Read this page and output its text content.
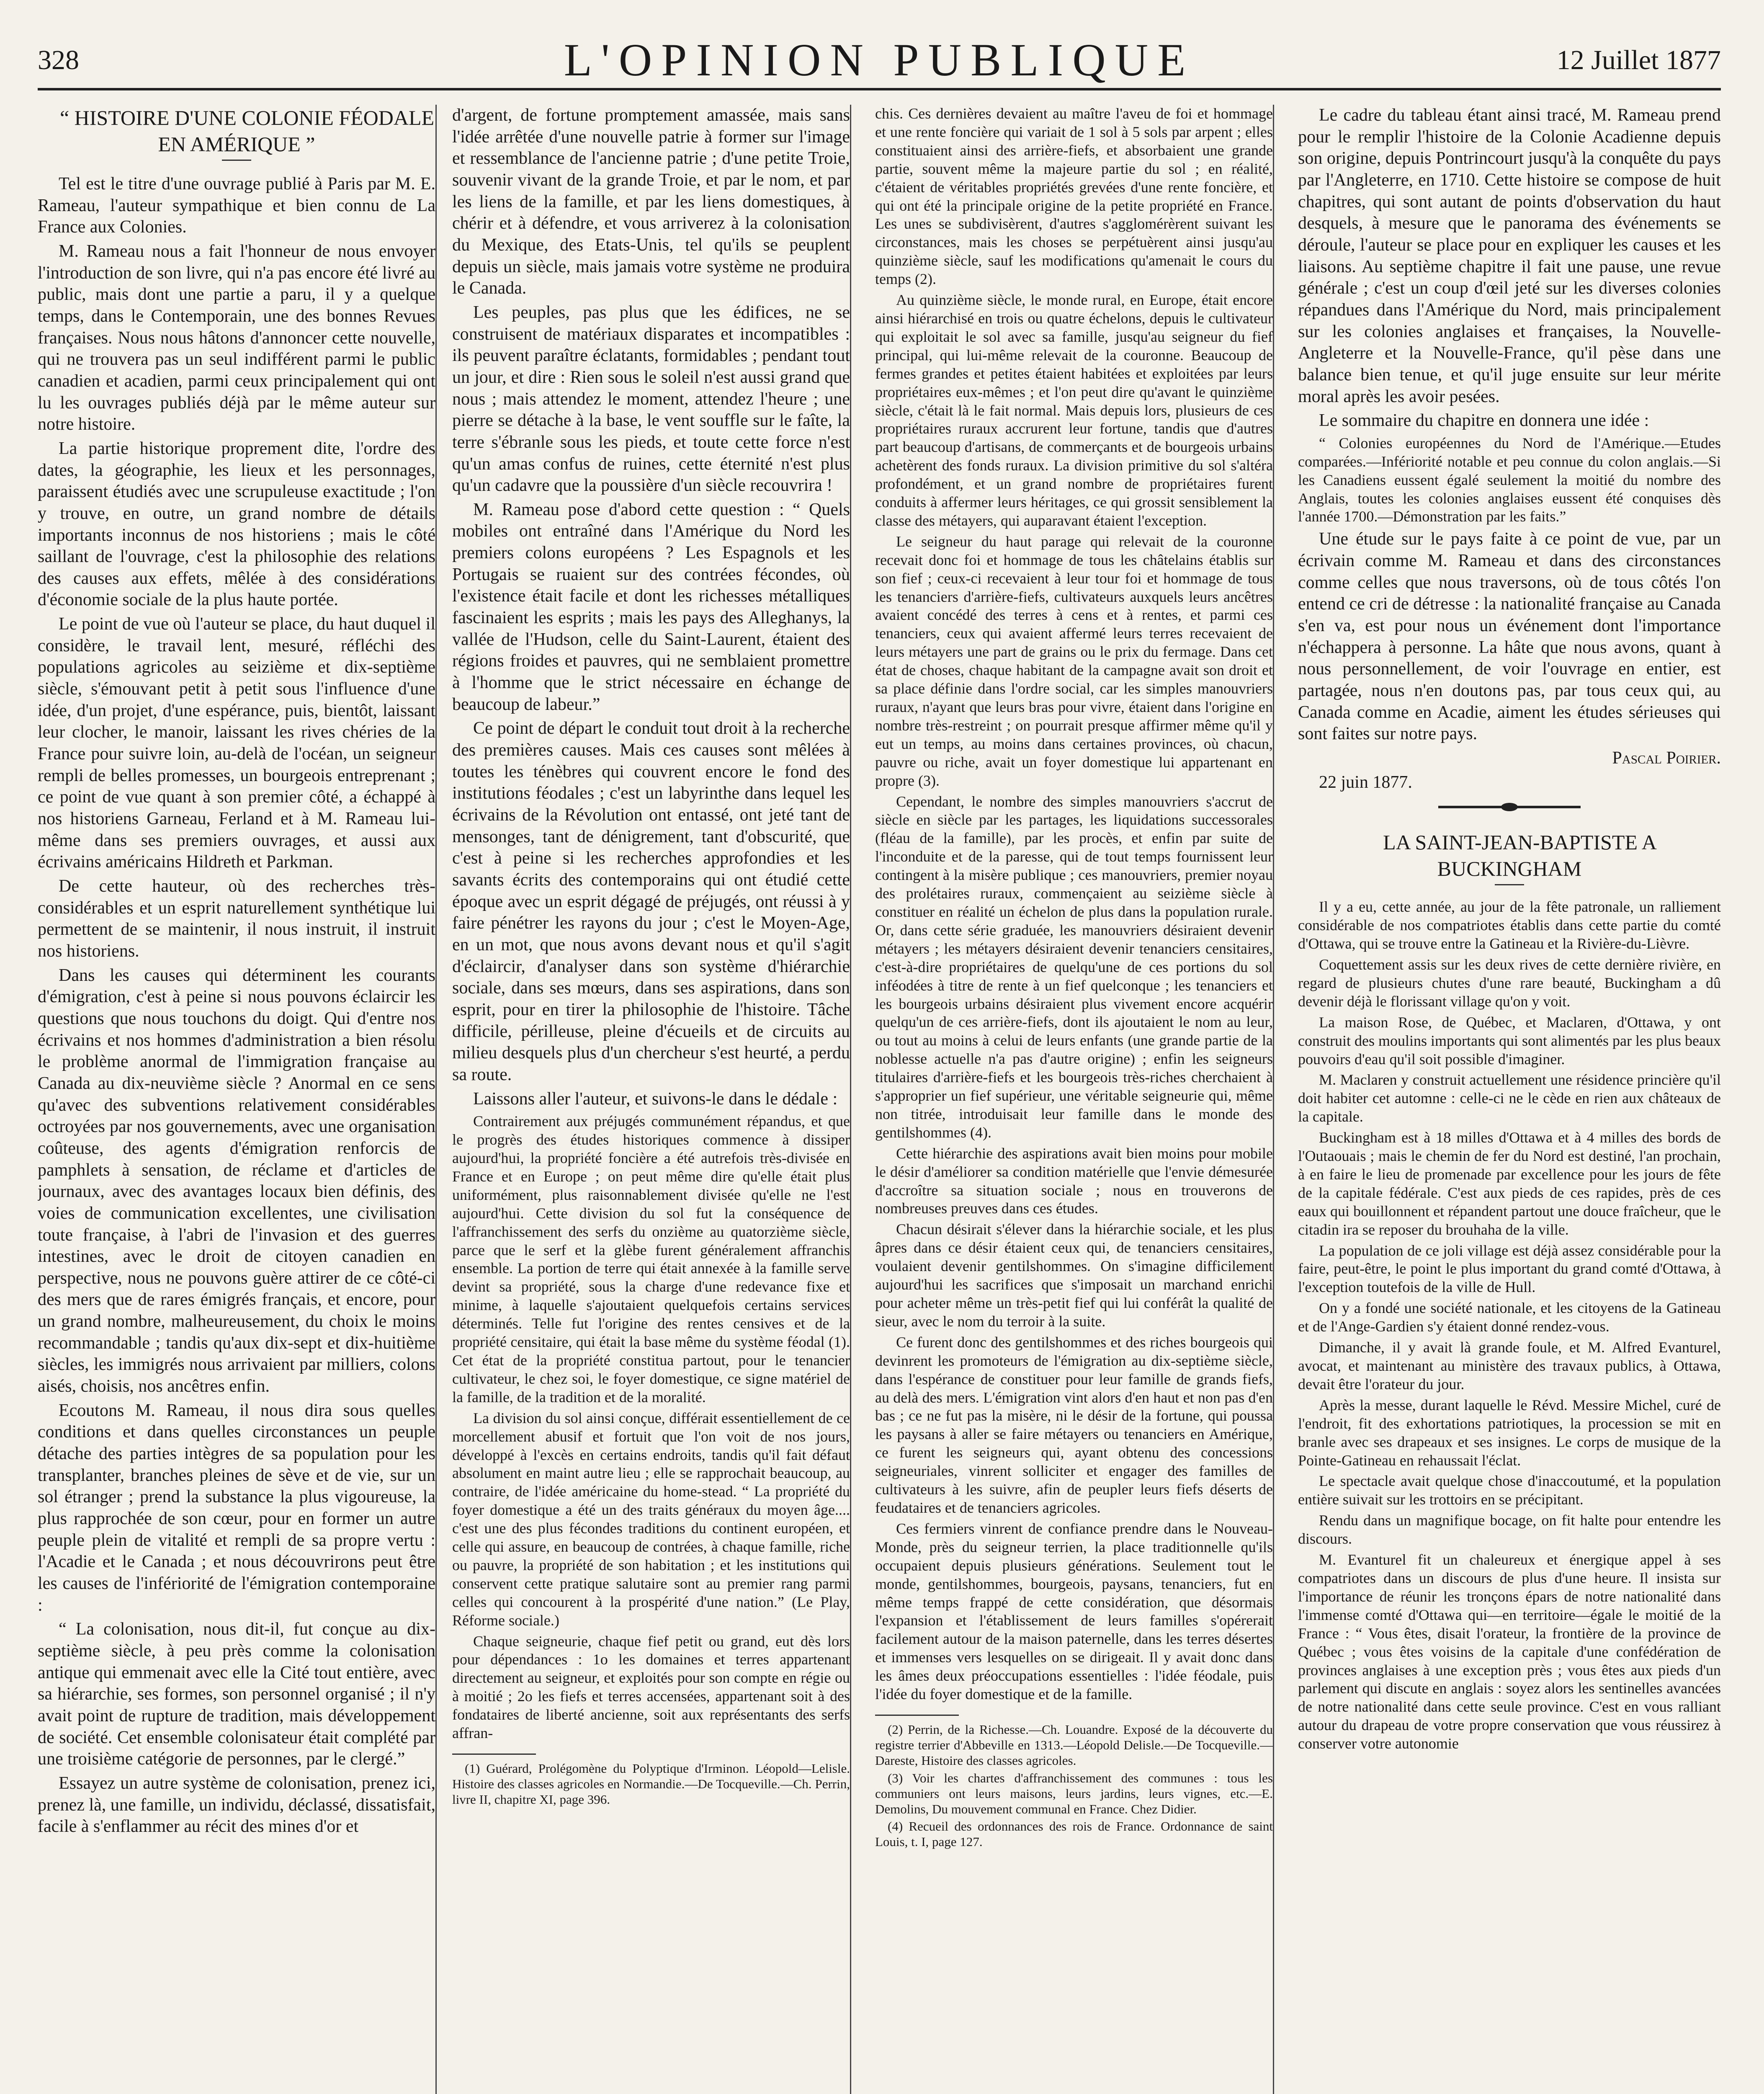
328	L'OPINION PUBLIQUE	12 Juillet 1877

“ HISTOIRE D'UNE COLONIE FÉODALE EN AMÉRIQUE ”

Tel est le titre d'une ouvrage publié à Paris par M. E. Rameau, l'auteur sympathique et bien connu de La France aux Colonies.

M. Rameau nous a fait l'honneur de nous envoyer l'introduction de son livre, qui n'a pas encore été livré au public, mais dont une partie a paru, il y a quelque temps, dans le Contemporain, une des bonnes Revues françaises. Nous nous hâtons d'annoncer cette nouvelle, qui ne trouvera pas un seul indifférent parmi le public canadien et acadien, parmi ceux principalement qui ont lu les ouvrages publiés déjà par le même auteur sur notre histoire.

La partie historique proprement dite, l'ordre des dates, la géographie, les lieux et les personnages, paraissent étudiés avec une scrupuleuse exactitude ; l'on y trouve, en outre, un grand nombre de détails importants inconnus de nos historiens ; mais le côté saillant de l'ouvrage, c'est la philosophie des relations des causes aux effets, mêlée à des considérations d'économie sociale de la plus haute portée.

Le point de vue où l'auteur se place, du haut duquel il considère, le travail lent, mesuré, réfléchi des populations agricoles au seizième et dix-septième siècle, s'émouvant petit à petit sous l'influence d'une idée, d'un projet, d'une espérance, puis, bientôt, laissant leur clocher, le manoir, laissant les rives chéries de la France pour suivre loin, au-delà de l'océan, un seigneur rempli de belles promesses, un bourgeois entreprenant ; ce point de vue quant à son premier côté, a échappé à nos historiens Garneau, Ferland et à M. Rameau lui-même dans ses premiers ouvrages, et aussi aux écrivains américains Hildreth et Parkman.

De cette hauteur, où des recherches très-considérables et un esprit naturellement synthétique lui permettent de se maintenir, il nous instruit, il instruit nos historiens.

Dans les causes qui déterminent les courants d'émigration, c'est à peine si nous pouvons éclaircir les questions que nous touchons du doigt. Qui d'entre nos écrivains et nos hommes d'administration a bien résolu le problème anormal de l'immigration française au Canada au dix-neuvième siècle ? Anormal en ce sens qu'avec des subventions relativement considérables octroyées par nos gouvernements, avec une organisation coûteuse, des agents d'émigration renforcis de pamphlets à sensation, de réclame et d'articles de journaux, avec des avantages locaux bien définis, des voies de communication excellentes, une civilisation toute française, à l'abri de l'invasion et des guerres intestines, avec le droit de citoyen canadien en perspective, nous ne pouvons guère attirer de ce côté-ci des mers que de rares émigrés français, et encore, pour un grand nombre, malheureusement, du choix le moins recommandable ; tandis qu'aux dix-sept et dix-huitième siècles, les immigrés nous arrivaient par milliers, colons aisés, choisis, nos ancêtres enfin.

Ecoutons M. Rameau, il nous dira sous quelles conditions et dans quelles circonstances un peuple détache des parties intègres de sa population pour les transplanter, branches pleines de sève et de vie, sur un sol étranger ; prend la substance la plus vigoureuse, la plus rapprochée de son cœur, pour en former un autre peuple plein de vitalité et rempli de sa propre vertu : l'Acadie et le Canada ; et nous découvrirons peut être les causes de l'infériorité de l'émigration contemporaine :

“ La colonisation, nous dit-il, fut conçue au dix-septième siècle, à peu près comme la colonisation antique qui emmenait avec elle la Cité tout entière, avec sa hiérarchie, ses formes, son personnel organisé ; il n'y avait point de rupture de tradition, mais développement de société. Cet ensemble colonisateur était complété par une troisième catégorie de personnes, par le clergé.”

Essayez un autre système de colonisation, prenez ici, prenez là, une famille, un individu, déclassé, dissatisfait, facile à s'enflammer au récit des mines d'or et

d'argent, de fortune promptement amassée, mais sans l'idée arrêtée d'une nouvelle patrie à former sur l'image et ressemblance de l'ancienne patrie ; d'une petite Troie, souvenir vivant de la grande Troie, et par le nom, et par les liens de la famille, et par les liens domestiques, à chérir et à défendre, et vous arriverez à la colonisation du Mexique, des Etats-Unis, tel qu'ils se peuplent depuis un siècle, mais jamais votre système ne produira le Canada.

Les peuples, pas plus que les édifices, ne se construisent de matériaux disparates et incompatibles : ils peuvent paraître éclatants, formidables ; pendant tout un jour, et dire : Rien sous le soleil n'est aussi grand que nous ; mais attendez le moment, attendez l'heure ; une pierre se détache à la base, le vent souffle sur le faîte, la terre s'ébranle sous les pieds, et toute cette force n'est qu'un amas confus de ruines, cette éternité n'est plus qu'un cadavre que la poussière d'un siècle recouvrira !

M. Rameau pose d'abord cette question : “ Quels mobiles ont entraîné dans l'Amérique du Nord les premiers colons européens ? Les Espagnols et les Portugais se ruaient sur des contrées fécondes, où l'existence était facile et dont les richesses métalliques fascinaient les esprits ; mais les pays des Alleghanys, la vallée de l'Hudson, celle du Saint-Laurent, étaient des régions froides et pauvres, qui ne semblaient promettre à l'homme que le strict nécessaire en échange de beaucoup de labeur.”

Ce point de départ le conduit tout droit à la recherche des premières causes. Mais ces causes sont mêlées à toutes les ténèbres qui couvrent encore le fond des institutions féodales ; c'est un labyrinthe dans lequel les écrivains de la Révolution ont entassé, ont jeté tant de mensonges, tant de dénigrement, tant d'obscurité, que c'est à peine si les recherches approfondies et les savants écrits des contemporains qui ont étudié cette époque avec un esprit dégagé de préjugés, ont réussi à y faire pénétrer les rayons du jour ; c'est le Moyen-Age, en un mot, que nous avons devant nous et qu'il s'agit d'éclaircir, d'analyser dans son système d'hiérarchie sociale, dans ses mœurs, dans ses aspirations, dans son esprit, pour en tirer la philosophie de l'histoire. Tâche difficile, périlleuse, pleine d'écueils et de circuits au milieu desquels plus d'un chercheur s'est heurté, a perdu sa route.

Laissons aller l'auteur, et suivons-le dans le dédale :

Contrairement aux préjugés communément répandus, et que le progrès des études historiques commence à dissiper aujourd'hui, la propriété foncière a été autrefois très-divisée en France et en Europe ; on peut même dire qu'elle était plus uniformément, plus raisonnablement divisée qu'elle ne l'est aujourd'hui. Cette division du sol fut la conséquence de l'affranchissement des serfs du onzième au quatorzième siècle, parce que le serf et la glèbe furent généralement affranchis ensemble. La portion de terre qui était annexée à la famille serve devint sa propriété, sous la charge d'une redevance fixe et minime, à laquelle s'ajoutaient quelquefois certains services déterminés. Telle fut l'origine des rentes censives et de la propriété censitaire, qui était la base même du système féodal (1). Cet état de la propriété constitua partout, pour le tenancier cultivateur, le chez soi, le foyer domestique, ce signe matériel de la famille, de la tradition et de la moralité.

La division du sol ainsi conçue, différait essentiellement de ce morcellement abusif et fortuit que l'on voit de nos jours, développé à l'excès en certains endroits, tandis qu'il fait défaut absolument en maint autre lieu ; elle se rapprochait beaucoup, au contraire, de l'idée américaine du home-stead. “ La propriété du foyer domestique a été un des traits généraux du moyen âge.... c'est une des plus fécondes traditions du continent européen, et celle qui assure, en beaucoup de contrées, à chaque famille, riche ou pauvre, la propriété de son habitation ; et les institutions qui conservent cette pratique salutaire sont au premier rang parmi celles qui concourent à la prospérité d'une nation.” (Le Play, Réforme sociale.)

Chaque seigneurie, chaque fief petit ou grand, eut dès lors pour dépendances : 1o les domaines et terres appartenant directement au seigneur, et exploités pour son compte en régie ou à moitié ; 2o les fiefs et terres accensées, appartenant soit à des fondataires de liberté ancienne, soit aux représentants des serfs affran-

(1) Guérard, Prolégomène du Polyptique d'Irminon. Léopold—Lelisle. Histoire des classes agricoles en Normandie.—De Tocqueville.—Ch. Perrin, livre II, chapitre XI, page 396.

chis. Ces dernières devaient au maître l'aveu de foi et hommage et une rente foncière qui variait de 1 sol à 5 sols par arpent ; elles constituaient ainsi des arrière-fiefs, et absorbaient une grande partie, souvent même la majeure partie du sol ; en réalité, c'étaient de véritables propriétés grevées d'une rente foncière, et qui ont été la principale origine de la petite propriété en France. Les unes se subdivisèrent, d'autres s'agglomérèrent suivant les circonstances, mais les choses se perpétuèrent ainsi jusqu'au quinzième siècle, sauf les modifications qu'amenait le cours du temps (2).

Au quinzième siècle, le monde rural, en Europe, était encore ainsi hiérarchisé en trois ou quatre échelons, depuis le cultivateur qui exploitait le sol avec sa famille, jusqu'au seigneur du fief principal, qui lui-même relevait de la couronne. Beaucoup de fermes grandes et petites étaient habitées et exploitées par leurs propriétaires eux-mêmes ; et l'on peut dire qu'avant le quinzième siècle, c'était là le fait normal. Mais depuis lors, plusieurs de ces propriétaires ruraux accrurent leur fortune, tandis que d'autres part beaucoup d'artisans, de commerçants et de bourgeois urbains achetèrent des fonds ruraux. La division primitive du sol s'altéra profondément, et un grand nombre de propriétaires furent conduits à affermer leurs héritages, ce qui grossit sensiblement la classe des métayers, qui auparavant étaient l'exception.

Le seigneur du haut parage qui relevait de la couronne recevait donc foi et hommage de tous les châtelains établis sur son fief ; ceux-ci recevaient à leur tour foi et hommage de tous les tenanciers d'arrière-fiefs, cultivateurs auxquels leurs ancêtres avaient concédé des terres à cens et à rentes, et parmi ces tenanciers, ceux qui avaient affermé leurs terres recevaient de leurs métayers une part de grains ou le prix du fermage. Dans cet état de choses, chaque habitant de la campagne avait son droit et sa place définie dans l'ordre social, car les simples manouvriers ruraux, n'ayant que leurs bras pour vivre, étaient dans l'origine en nombre très-restreint ; on pourrait presque affirmer même qu'il y eut un temps, au moins dans certaines provinces, où chacun, pauvre ou riche, avait un foyer domestique lui appartenant en propre (3).

Cependant, le nombre des simples manouvriers s'accrut de siècle en siècle par les partages, les liquidations successorales (fléau de la famille), par les procès, et enfin par suite de l'inconduite et de la paresse, qui de tout temps fournissent leur contingent à la misère publique ; ces manouvriers, premier noyau des prolétaires ruraux, commençaient au seizième siècle à constituer en réalité un échelon de plus dans la population rurale. Or, dans cette série graduée, les manouvriers désiraient devenir métayers ; les métayers désiraient devenir tenanciers censitaires, c'est-à-dire propriétaires de quelqu'une de ces portions du sol inféodées à titre de rente à un fief quelconque ; les tenanciers et les bourgeois urbains désiraient plus vivement encore acquérir quelqu'un de ces arrière-fiefs, dont ils ajoutaient le nom au leur, ou tout au moins à celui de leurs enfants (une grande partie de la noblesse actuelle n'a pas d'autre origine) ; enfin les seigneurs titulaires d'arrière-fiefs et les bourgeois très-riches cherchaient à s'approprier un fief supérieur, une véritable seigneurie qui, même non titrée, introduisait leur famille dans le monde des gentilshommes (4).

Cette hiérarchie des aspirations avait bien moins pour mobile le désir d'améliorer sa condition matérielle que l'envie démesurée d'accroître sa situation sociale ; nous en trouverons de nombreuses preuves dans ces études.

Chacun désirait s'élever dans la hiérarchie sociale, et les plus âpres dans ce désir étaient ceux qui, de tenanciers censitaires, voulaient devenir gentilshommes. On s'imagine difficilement aujourd'hui les sacrifices que s'imposait un marchand enrichi pour acheter même un très-petit fief qui lui conférât la qualité de sieur, avec le nom du terroir à la suite.

Ce furent donc des gentilshommes et des riches bourgeois qui devinrent les promoteurs de l'émigration au dix-septième siècle, dans l'espérance de constituer pour leur famille de grands fiefs, au delà des mers. L'émigration vint alors d'en haut et non pas d'en bas ; ce ne fut pas la misère, ni le désir de la fortune, qui poussa les paysans à aller se faire métayers ou tenanciers en Amérique, ce furent les seigneurs qui, ayant obtenu des concessions seigneuriales, vinrent solliciter et engager des familles de cultivateurs à les suivre, afin de peupler leurs fiefs déserts de feudataires et de tenanciers agricoles.

Ces fermiers vinrent de confiance prendre dans le Nouveau-Monde, près du seigneur terrien, la place traditionnelle qu'ils occupaient depuis plusieurs générations. Seulement tout le monde, gentilshommes, bourgeois, paysans, tenanciers, fut en même temps frappé de cette considération, que désormais l'expansion et l'établissement de leurs familles s'opérerait facilement autour de la maison paternelle, dans les terres désertes et immenses vers lesquelles on se dirigeait. Il y avait donc dans les âmes deux préoccupations essentielles : l'idée féodale, puis l'idée du foyer domestique et de la famille.

(2) Perrin, de la Richesse.—Ch. Louandre. Exposé de la découverte du registre terrier d'Abbeville en 1313.—Léopold Delisle.—De Tocqueville.—Dareste, Histoire des classes agricoles.

(3) Voir les chartes d'affranchissement des communes : tous les communiers ont leurs maisons, leurs jardins, leurs vignes, etc.—E. Demolins, Du mouvement communal en France. Chez Didier.

(4) Recueil des ordonnances des rois de France. Ordonnance de saint Louis, t. I, page 127.

Le cadre du tableau étant ainsi tracé, M. Rameau prend pour le remplir l'histoire de la Colonie Acadienne depuis son origine, depuis Pontrincourt jusqu'à la conquête du pays par l'Angleterre, en 1710. Cette histoire se compose de huit chapitres, qui sont autant de points d'observation du haut desquels, à mesure que le panorama des événements se déroule, l'auteur se place pour en expliquer les causes et les liaisons. Au septième chapitre il fait une pause, une revue générale ; c'est un coup d'œil jeté sur les diverses colonies répandues dans l'Amérique du Nord, mais principalement sur les colonies anglaises et françaises, la Nouvelle-Angleterre et la Nouvelle-France, qu'il pèse dans une balance bien tenue, et qu'il juge ensuite sur leur mérite moral après les avoir pesées.

Le sommaire du chapitre en donnera une idée :

“ Colonies européennes du Nord de l'Amérique.—Etudes comparées.—Infériorité notable et peu connue du colon anglais.—Si les Canadiens eussent égalé seulement la moitié du nombre des Anglais, toutes les colonies anglaises eussent été conquises dès l'année 1700.—Démonstration par les faits.”

Une étude sur le pays faite à ce point de vue, par un écrivain comme M. Rameau et dans des circonstances comme celles que nous traversons, où de tous côtés l'on entend ce cri de détresse : la nationalité française au Canada s'en va, est pour nous un événement dont l'importance n'échappera à personne. La hâte que nous avons, quant à nous personnellement, de voir l'ouvrage en entier, est partagée, nous n'en doutons pas, par tous ceux qui, au Canada comme en Acadie, aiment les études sérieuses qui sont faites sur notre pays.

Pascal Poirier.

22 juin 1877.

LA SAINT-JEAN-BAPTISTE A BUCKINGHAM

Il y a eu, cette année, au jour de la fête patronale, un ralliement considérable de nos compatriotes établis dans cette partie du comté d'Ottawa, qui se trouve entre la Gatineau et la Rivière-du-Lièvre.

Coquettement assis sur les deux rives de cette dernière rivière, en regard de plusieurs chutes d'une rare beauté, Buckingham a dû devenir déjà le florissant village qu'on y voit.

La maison Rose, de Québec, et Maclaren, d'Ottawa, y ont construit des moulins importants qui sont alimentés par les plus beaux pouvoirs d'eau qu'il soit possible d'imaginer.

M. Maclaren y construit actuellement une résidence princière qu'il doit habiter cet automne : celle-ci ne le cède en rien aux châteaux de la capitale.

Buckingham est à 18 milles d'Ottawa et à 4 milles des bords de l'Outaouais ; mais le chemin de fer du Nord est destiné, l'an prochain, à en faire le lieu de promenade par excellence pour les jours de fête de la capitale fédérale. C'est aux pieds de ces rapides, près de ces eaux qui bouillonnent et répandent partout une douce fraîcheur, que le citadin ira se reposer du brouhaha de la ville.

La population de ce joli village est déjà assez considérable pour la faire, peut-être, le point le plus important du grand comté d'Ottawa, à l'exception toutefois de la ville de Hull.

On y a fondé une société nationale, et les citoyens de la Gatineau et de l'Ange-Gardien s'y étaient donné rendez-vous.

Dimanche, il y avait là grande foule, et M. Alfred Evanturel, avocat, et maintenant au ministère des travaux publics, à Ottawa, devait être l'orateur du jour.

Après la messe, durant laquelle le Révd. Messire Michel, curé de l'endroit, fit des exhortations patriotiques, la procession se mit en branle avec ses drapeaux et ses insignes. Le corps de musique de la Pointe-Gatineau en rehaussait l'éclat.

Le spectacle avait quelque chose d'inaccoutumé, et la population entière suivait sur les trottoirs en se précipitant.

Rendu dans un magnifique bocage, on fit halte pour entendre les discours.

M. Evanturel fit un chaleureux et énergique appel à ses compatriotes dans un discours de plus d'une heure. Il insista sur l'importance de réunir les tronçons épars de notre nationalité dans l'immense comté d'Ottawa qui—en territoire—égale le moitié de la France : “ Vous êtes, disait l'orateur, la frontière de la province de Québec ; vous êtes voisins de la capitale d'une confédération de provinces anglaises à une exception près ; vous êtes aux pieds d'un parlement qui discute en anglais : soyez alors les sentinelles avancées de notre nationalité dans cette seule province. C'est en vous ralliant autour du drapeau de votre propre conservation que vous réussirez à conserver votre autonomie
